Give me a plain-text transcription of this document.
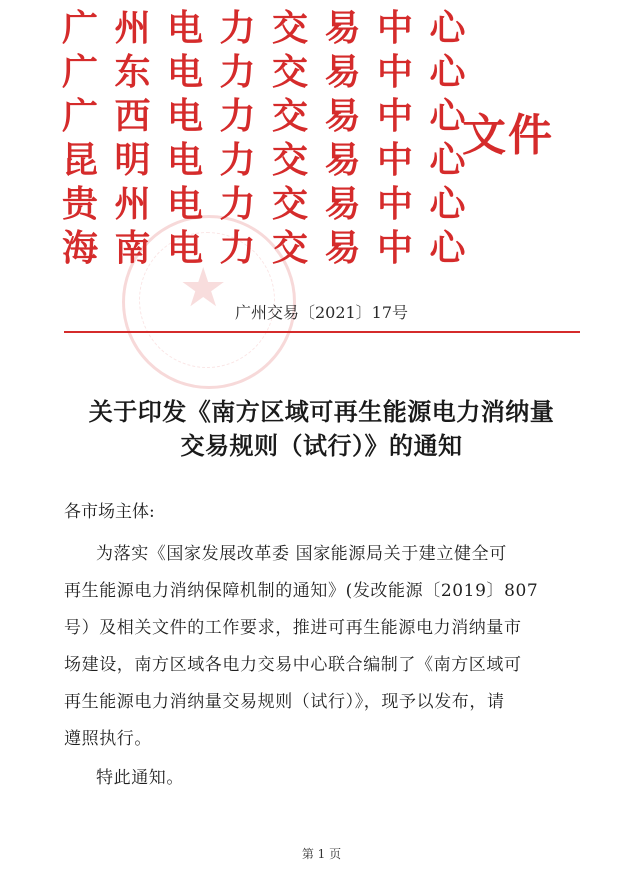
★
广 州 电 力 交 易 中 心
广 东 电 力 交 易 中 心
广 西 电 力 交 易 中 心
昆 明 电 力 交 易 中 心
贵 州 电 力 交 易 中 心
海 南 电 力 交 易 中 心
文件
广州交易〔2021〕17号
关于印发《南方区域可再生能源电力消纳量
交易规则（试行）》的通知
各市场主体:
为落实《国家发展改革委 国家能源局关于建立健全可
再生能源电力消纳保障机制的通知》(发改能源〔2019〕807
号）及相关文件的工作要求，推进可再生能源电力消纳量市
场建设，南方区域各电力交易中心联合编制了《南方区域可
再生能源电力消纳量交易规则（试行）》，现予以发布，请
遵照执行。
特此通知。
第 1 页
